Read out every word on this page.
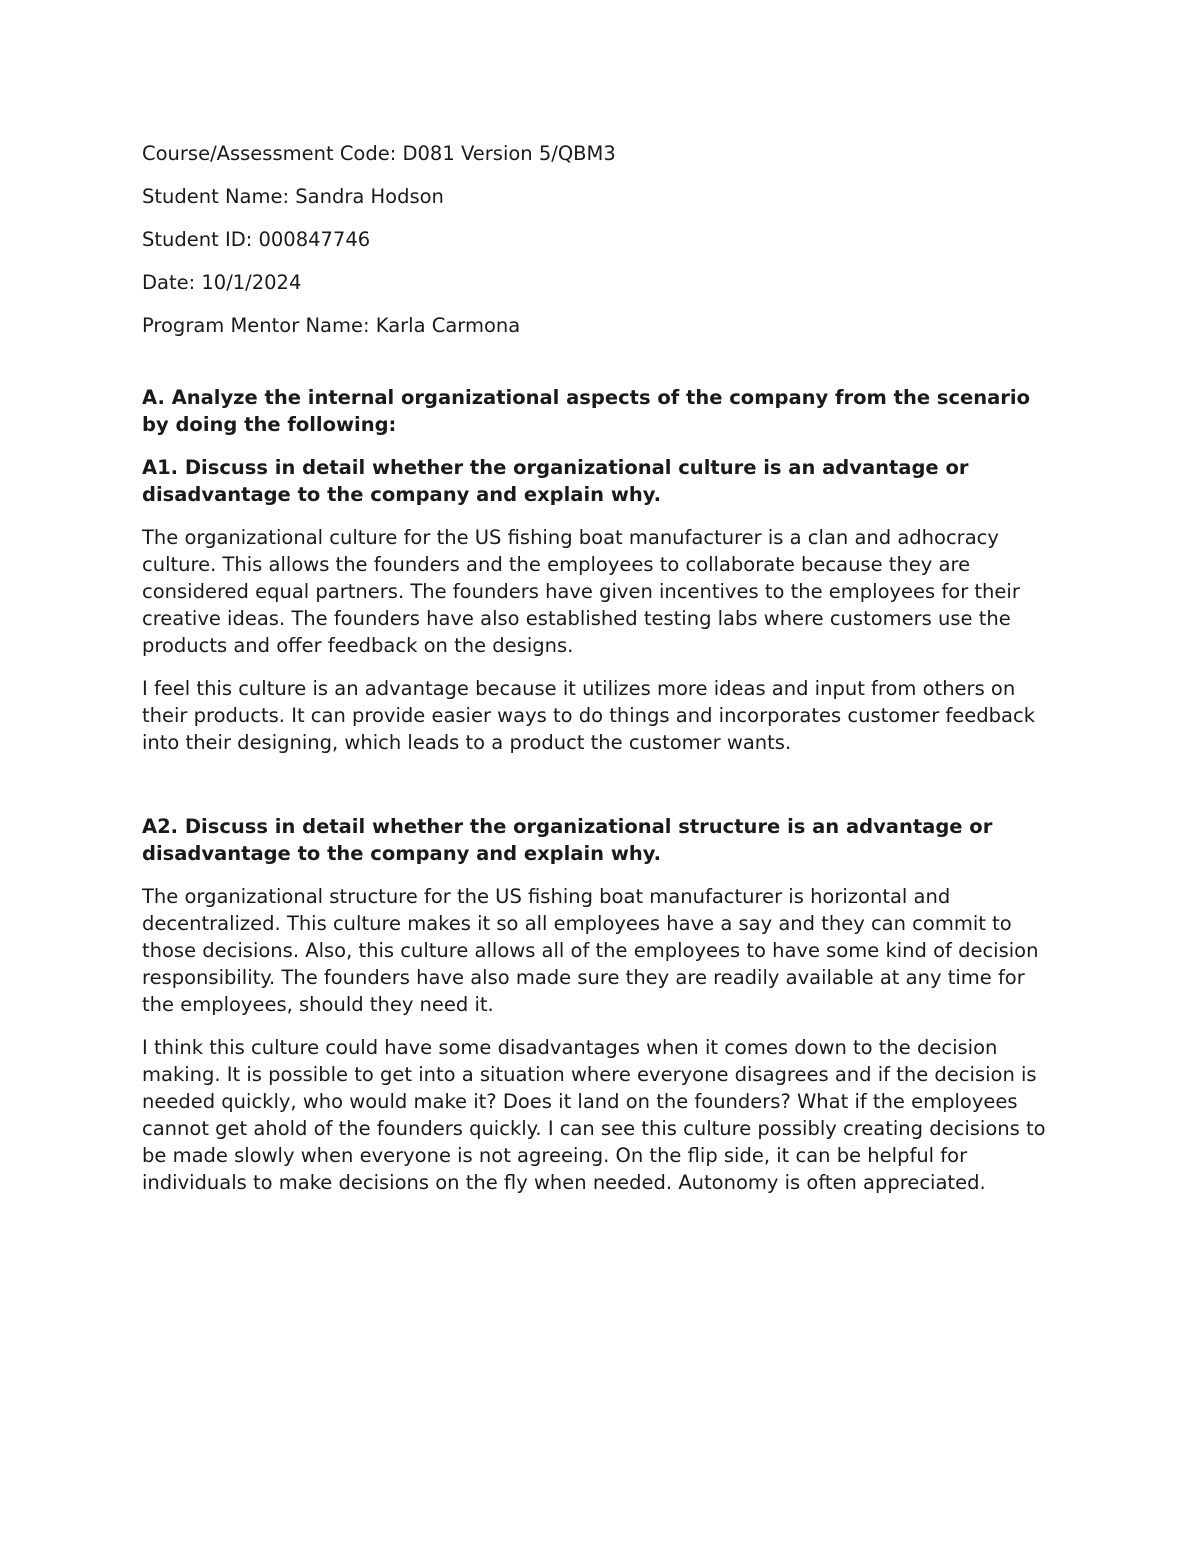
Course/Assessment Code: D081 Version 5/QBM3

Student Name: Sandra Hodson

Student ID: 000847746

Date: 10/1/2024

Program Mentor Name: Karla Carmona

A. Analyze the internal organizational aspects of the company from the scenario by doing the following:

A1. Discuss in detail whether the organizational culture is an advantage or disadvantage to the company and explain why.

The organizational culture for the US fishing boat manufacturer is a clan and adhocracy culture. This allows the founders and the employees to collaborate because they are considered equal partners. The founders have given incentives to the employees for their creative ideas. The founders have also established testing labs where customers use the products and offer feedback on the designs.

I feel this culture is an advantage because it utilizes more ideas and input from others on their products. It can provide easier ways to do things and incorporates customer feedback into their designing, which leads to a product the customer wants.

A2. Discuss in detail whether the organizational structure is an advantage or disadvantage to the company and explain why.

The organizational structure for the US fishing boat manufacturer is horizontal and decentralized. This culture makes it so all employees have a say and they can commit to those decisions. Also, this culture allows all of the employees to have some kind of decision responsibility. The founders have also made sure they are readily available at any time for the employees, should they need it.

I think this culture could have some disadvantages when it comes down to the decision making. It is possible to get into a situation where everyone disagrees and if the decision is needed quickly, who would make it? Does it land on the founders? What if the employees cannot get ahold of the founders quickly. I can see this culture possibly creating decisions to be made slowly when everyone is not agreeing. On the flip side, it can be helpful for individuals to make decisions on the fly when needed. Autonomy is often appreciated.
